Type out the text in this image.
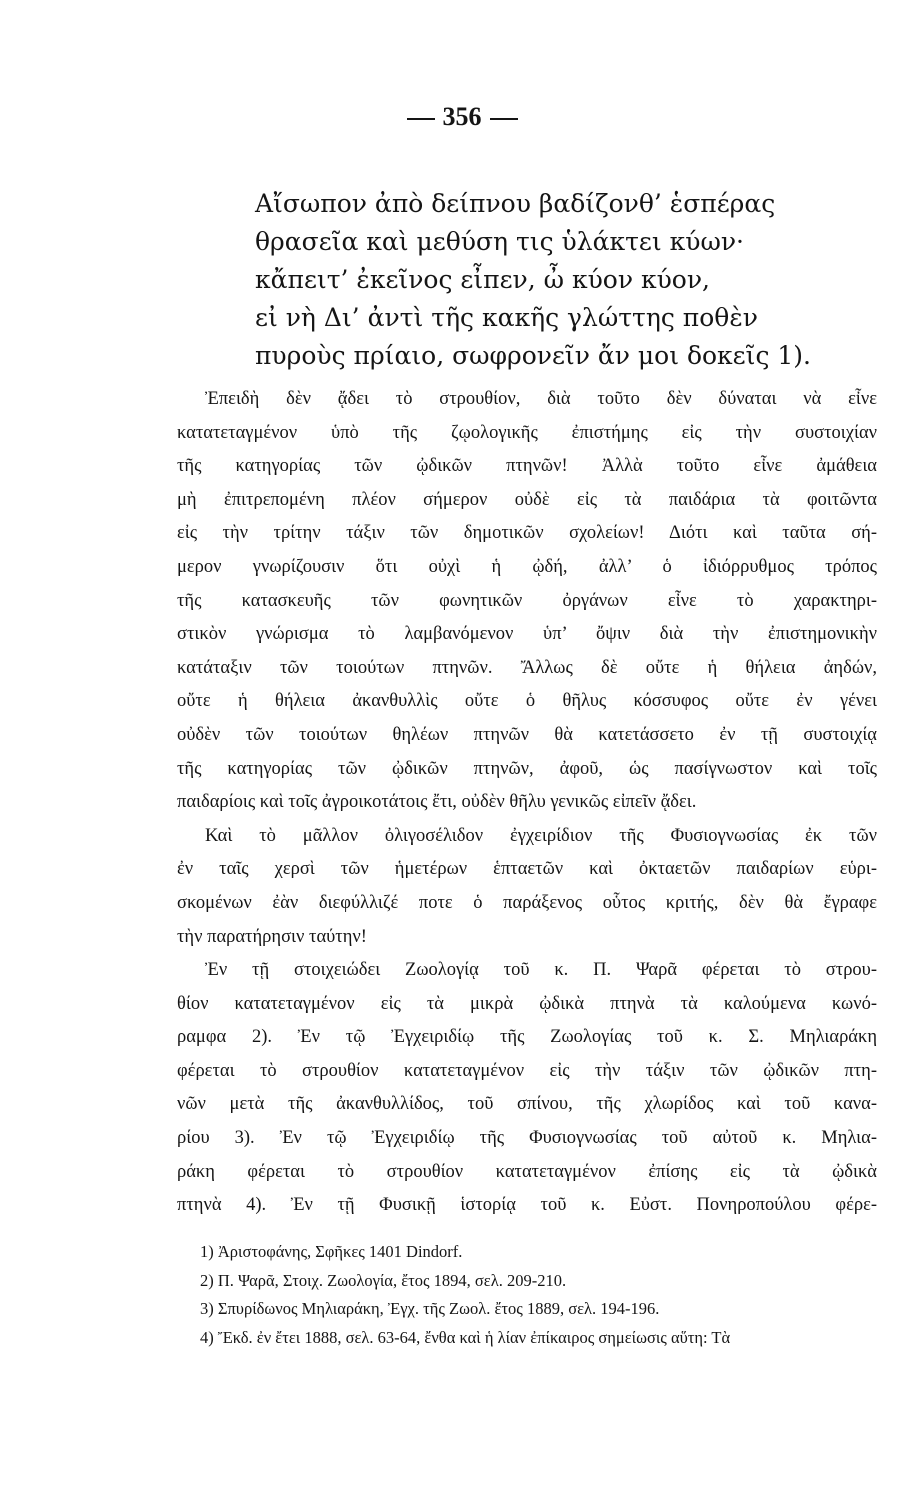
356
Αἴσωπον ἀπὸ δείπνου βαδίζονθ’ ἑσπέρας
θρασεῖα καὶ μεθύση τις ὑλάκτει κύων·
κἄπειτ’ ἐκεῖνος εἶπεν, ὦ κύον κύον,
εἰ νὴ Δι’ ἀντὶ τῆς κακῆς γλώττης ποθὲν
πυροὺς πρίαιο, σωφρονεῖν ἄν μοι δοκεῖς 1).
Ἐπειδὴ δὲν ᾄδει τὸ στρουθίον, διὰ τοῦτο δὲν δύναται νὰ εἶνε
κατατεταγμένον ὑπὸ τῆς ζῳολογικῆς ἐπιστήμης εἰς τὴν συστοιχίαν
τῆς κατηγορίας τῶν ᾠδικῶν πτηνῶν! Ἀλλὰ τοῦτο εἶνε ἀμάθεια
μὴ ἐπιτρεπομένη πλέον σήμερον οὐδὲ εἰς τὰ παιδάρια τὰ φοιτῶντα
εἰς τὴν τρίτην τάξιν τῶν δημοτικῶν σχολείων! Διότι καὶ ταῦτα σή-
μερον γνωρίζουσιν ὅτι οὐχὶ ἡ ᾠδή, ἀλλ’ ὁ ἰδιόρρυθμος τρόπος
τῆς κατασκευῆς τῶν φωνητικῶν ὀργάνων εἶνε τὸ χαρακτηρι-
στικὸν γνώρισμα τὸ λαμβανόμενον ὑπ’ ὄψιν διὰ τὴν ἐπιστημονικὴν
κατάταξιν τῶν τοιούτων πτηνῶν. Ἄλλως δὲ οὔτε ἡ θήλεια ἀηδών,
οὔτε ἡ θήλεια ἀκανθυλλὶς οὔτε ὁ θῆλυς κόσσυφος οὔτε ἐν γένει
οὐδὲν τῶν τοιούτων θηλέων πτηνῶν θὰ κατετάσσετο ἐν τῇ συστοιχίᾳ
τῆς κατηγορίας τῶν ᾠδικῶν πτηνῶν, ἀφοῦ, ὡς πασίγνωστον καὶ τοῖς
παιδαρίοις καὶ τοῖς ἀγροικοτάτοις ἔτι, οὐδὲν θῆλυ γενικῶς εἰπεῖν ᾄδει.
Καὶ τὸ μᾶλλον ὀλιγοσέλιδον ἐγχειρίδιον τῆς Φυσιογνωσίας ἐκ τῶν
ἐν ταῖς χερσὶ τῶν ἡμετέρων ἑπταετῶν καὶ ὀκταετῶν παιδαρίων εὑρι-
σκομένων ἐὰν διεφύλλιζέ ποτε ὁ παράξενος οὗτος κριτής, δὲν θὰ ἔγραφε
τὴν παρατήρησιν ταύτην!
Ἐν τῇ στοιχειώδει Ζωολογίᾳ τοῦ κ. Π. Ψαρᾶ φέρεται τὸ στρου-
θίον κατατεταγμένον εἰς τὰ μικρὰ ᾠδικὰ πτηνὰ τὰ καλούμενα κωνό-
ραμφα 2). Ἐν τῷ Ἐγχειριδίῳ τῆς Ζωολογίας τοῦ κ. Σ. Μηλιαράκη
φέρεται τὸ στρουθίον κατατεταγμένον εἰς τὴν τάξιν τῶν ᾠδικῶν πτη-
νῶν μετὰ τῆς ἀκανθυλλίδος, τοῦ σπίνου, τῆς χλωρίδος καὶ τοῦ κανα-
ρίου 3). Ἐν τῷ Ἐγχειριδίῳ τῆς Φυσιογνωσίας τοῦ αὐτοῦ κ. Μηλια-
ράκη φέρεται τὸ στρουθίον κατατεταγμένον ἐπίσης εἰς τὰ ᾠδικὰ
πτηνὰ 4). Ἐν τῇ Φυσικῇ ἱστορίᾳ τοῦ κ. Εὐστ. Πονηροπούλου φέρε-
1) Ἀριστοφάνης, Σφῆκες 1401 Dindorf.
2) Π. Ψαρᾶ, Στοιχ. Ζωολογία, ἔτος 1894, σελ. 209-210.
3) Σπυρίδωνος Μηλιαράκη, Ἐγχ. τῆς Ζωολ. ἔτος 1889, σελ. 194-196.
4) Ἔκδ. ἐν ἔτει 1888, σελ. 63-64, ἔνθα καὶ ἡ λίαν ἐπίκαιρος σημείωσις αὕτη: Τὰ
